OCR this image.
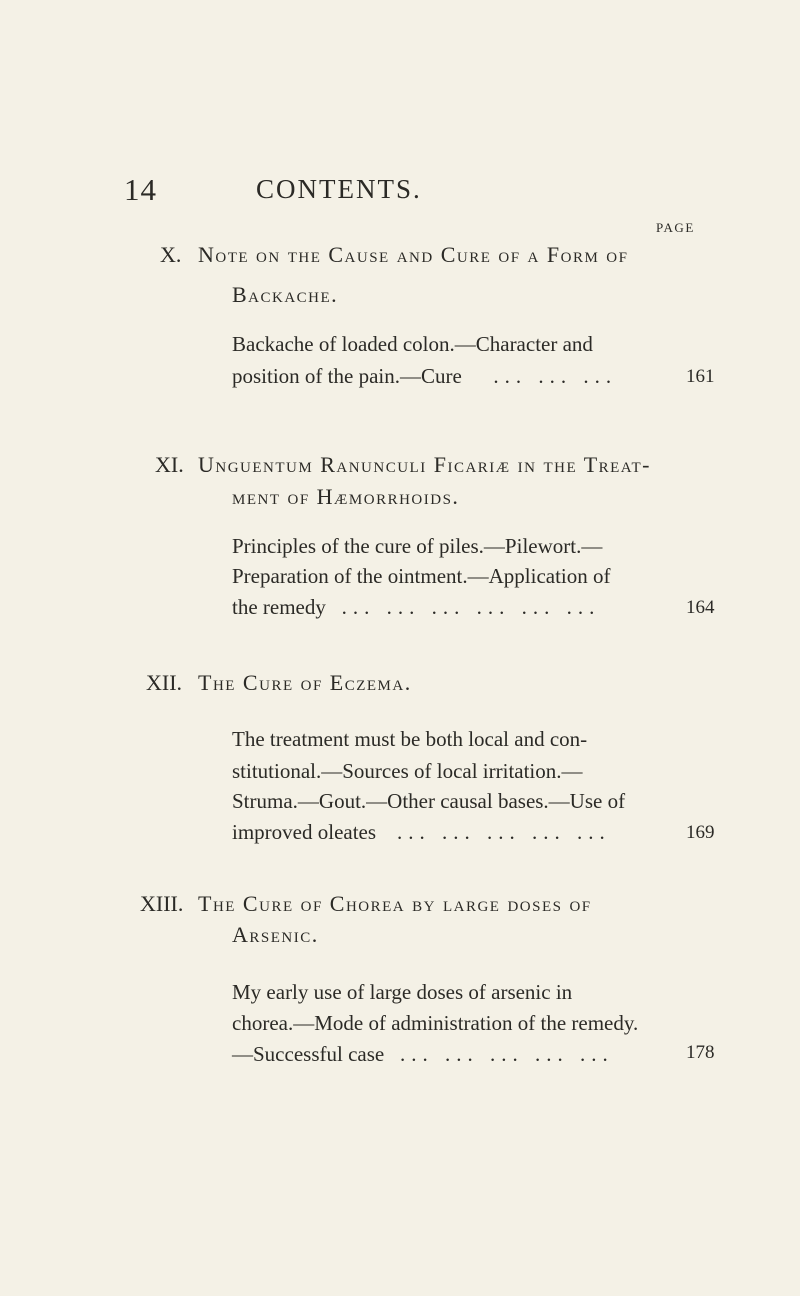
14	CONTENTS.
PAGE
X. Note on the Cause and Cure of a Form of
Backache.
Backache of loaded colon.—Character and
position of the pain.—Cure ... ... ...	161
XI. Unguentum Ranunculi Ficariæ in the Treat-
ment of Hæmorrhoids.
Principles of the cure of piles.—Pilewort.—
Preparation of the ointment.—Application of
the remedy ... ... ... ... ... ...	164
XII. The Cure of Eczema.
The treatment must be both local and con-
stitutional.—Sources of local irritation.—
Struma.—Gout.—Other causal bases.—Use of
improved oleates ... ... ... ... ...	169
XIII. The Cure of Chorea by large doses of
Arsenic.
My early use of large doses of arsenic in
chorea.—Mode of administration of the remedy.
—Successful case ... ... ... ... ...	178
